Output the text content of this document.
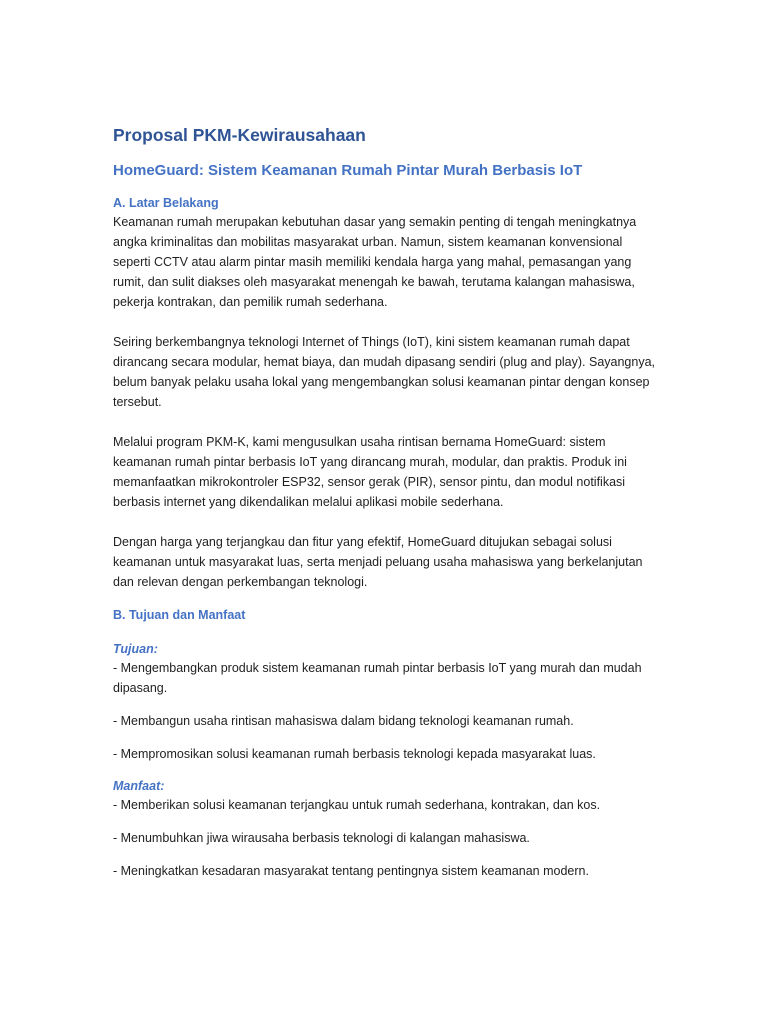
Proposal PKM-Kewirausahaan
HomeGuard: Sistem Keamanan Rumah Pintar Murah Berbasis IoT
A. Latar Belakang

Keamanan rumah merupakan kebutuhan dasar yang semakin penting di tengah meningkatnya angka kriminalitas dan mobilitas masyarakat urban. Namun, sistem keamanan konvensional seperti CCTV atau alarm pintar masih memiliki kendala harga yang mahal, pemasangan yang rumit, dan sulit diakses oleh masyarakat menengah ke bawah, terutama kalangan mahasiswa, pekerja kontrakan, dan pemilik rumah sederhana.

Seiring berkembangnya teknologi Internet of Things (IoT), kini sistem keamanan rumah dapat dirancang secara modular, hemat biaya, dan mudah dipasang sendiri (plug and play). Sayangnya, belum banyak pelaku usaha lokal yang mengembangkan solusi keamanan pintar dengan konsep tersebut.

Melalui program PKM-K, kami mengusulkan usaha rintisan bernama HomeGuard: sistem keamanan rumah pintar berbasis IoT yang dirancang murah, modular, dan praktis. Produk ini memanfaatkan mikrokontroler ESP32, sensor gerak (PIR), sensor pintu, dan modul notifikasi berbasis internet yang dikendalikan melalui aplikasi mobile sederhana.

Dengan harga yang terjangkau dan fitur yang efektif, HomeGuard ditujukan sebagai solusi keamanan untuk masyarakat luas, serta menjadi peluang usaha mahasiswa yang berkelanjutan dan relevan dengan perkembangan teknologi.

B. Tujuan dan Manfaat

Tujuan:

- Mengembangkan produk sistem keamanan rumah pintar berbasis IoT yang murah dan mudah dipasang.

- Membangun usaha rintisan mahasiswa dalam bidang teknologi keamanan rumah.

- Mempromosikan solusi keamanan rumah berbasis teknologi kepada masyarakat luas.

Manfaat:

- Memberikan solusi keamanan terjangkau untuk rumah sederhana, kontrakan, dan kos.

- Menumbuhkan jiwa wirausaha berbasis teknologi di kalangan mahasiswa.

- Meningkatkan kesadaran masyarakat tentang pentingnya sistem keamanan modern.
